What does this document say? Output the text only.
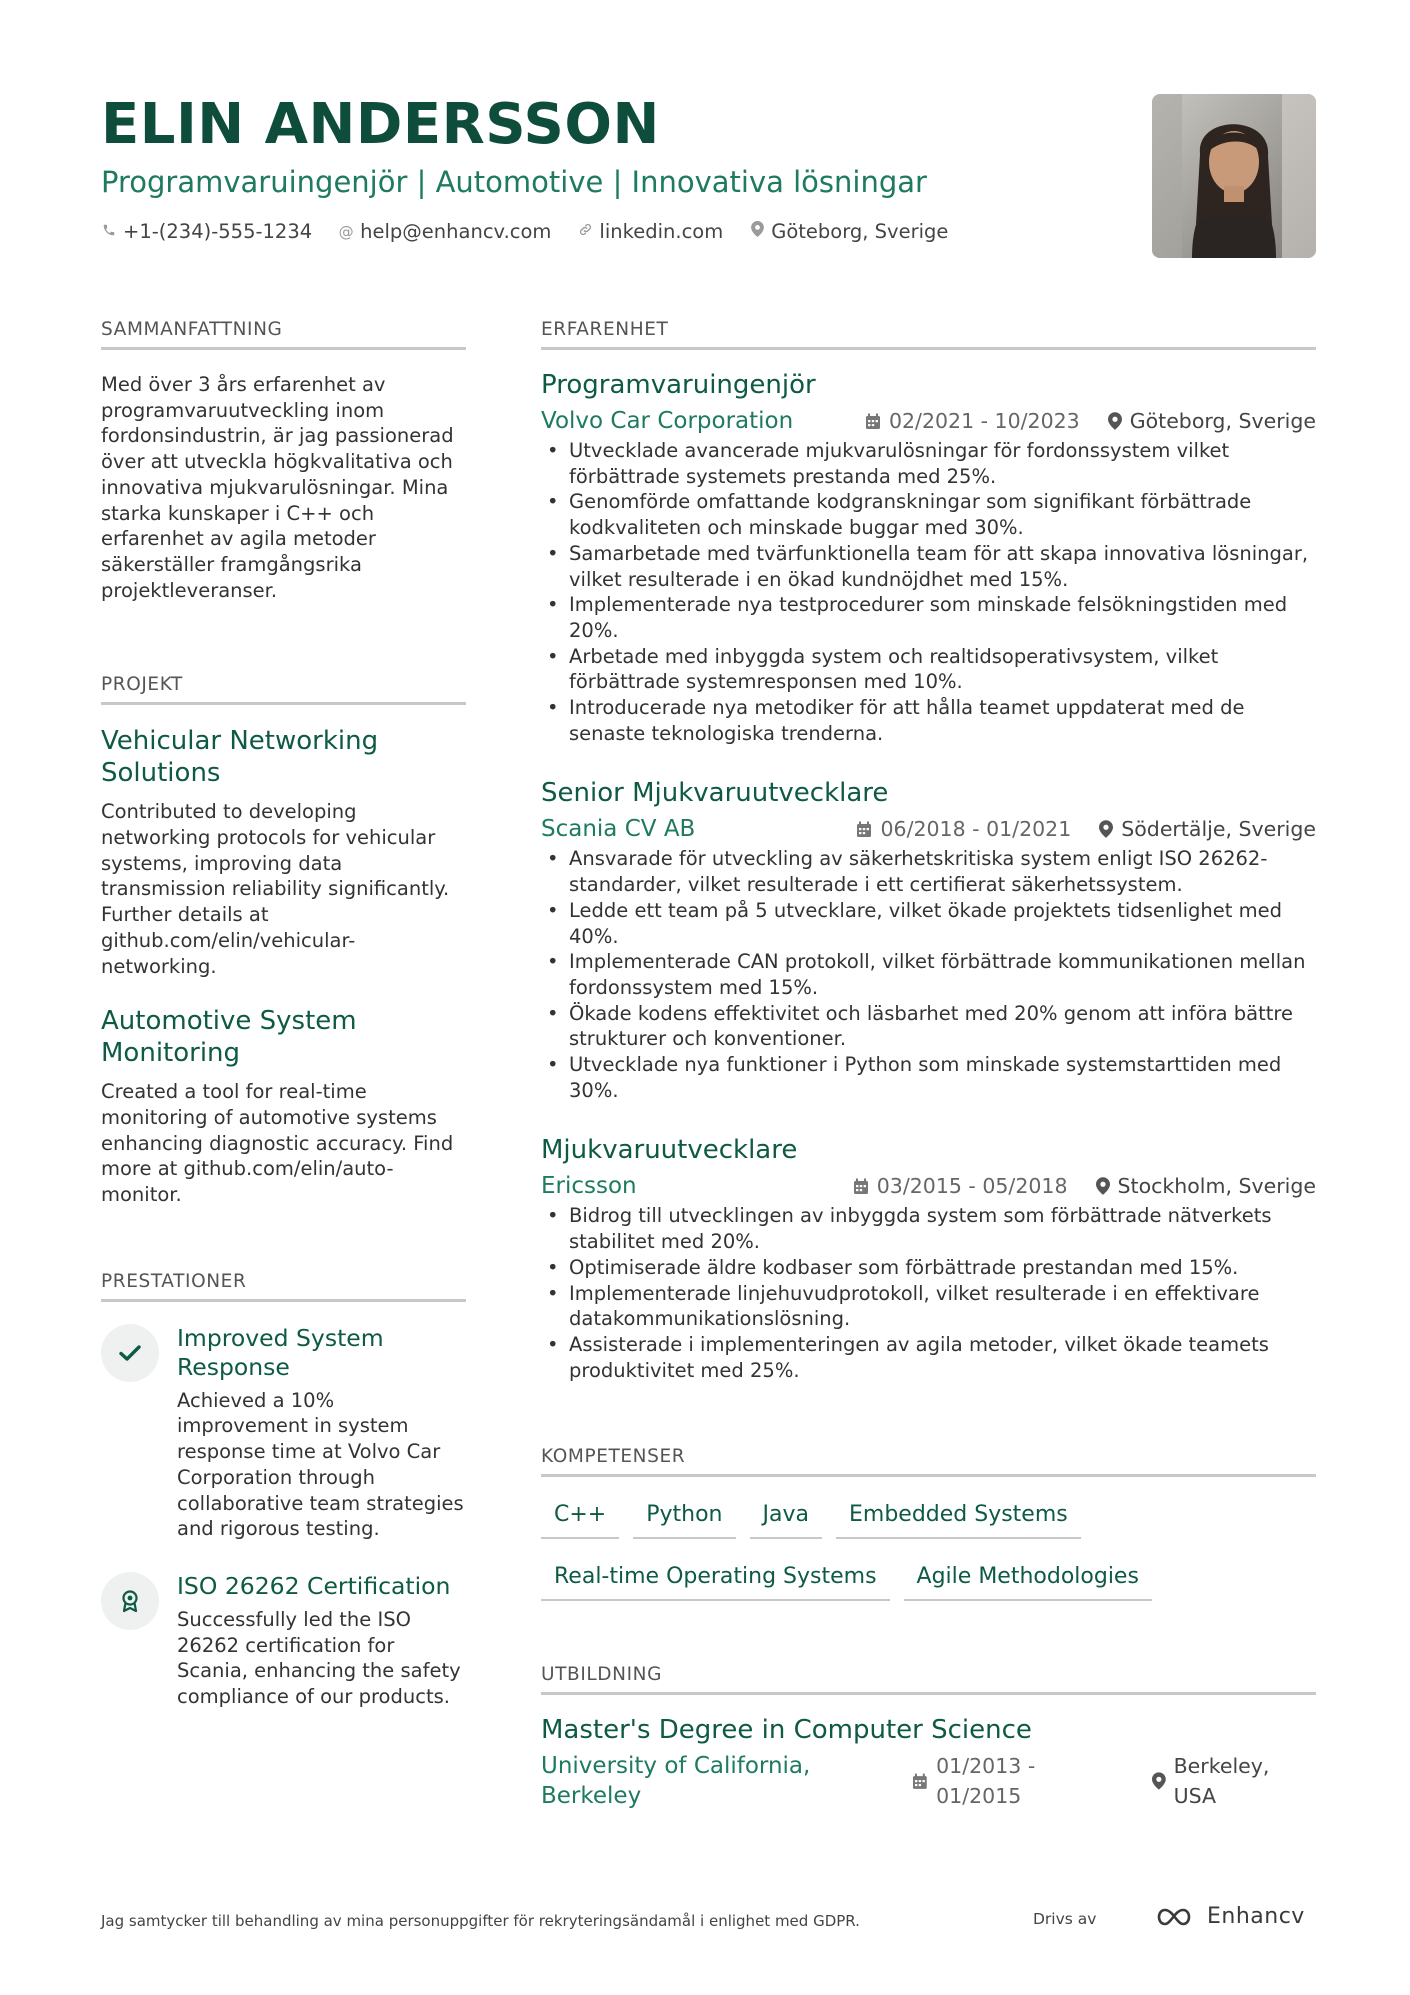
ELIN ANDERSSON
Programvaruingenjör | Automotive | Innovativa lösningar
+1-(234)-555-1234 @ help@enhancv.com linkedin.com Göteborg, Sverige
SAMMANFATTNING

Med över 3 års erfarenhet av programvaruutveckling inom fordonsindustrin, är jag passionerad över att utveckla högkvalitativa och innovativa mjukvarulösningar. Mina starka kunskaper i C++ och erfarenhet av agila metoder säkerställer framgångsrika projektleveranser.

PROJEKT
Vehicular Networking Solutions

Contributed to developing networking protocols for vehicular systems, improving data transmission reliability significantly. Further details at github.com/elin/vehicular-networking.

Automotive System Monitoring

Created a tool for real-time monitoring of automotive systems enhancing diagnostic accuracy. Find more at github.com/elin/auto-monitor.

PRESTATIONER
Improved System Response

Achieved a 10% improvement in system response time at Volvo Car Corporation through collaborative team strategies and rigorous testing.

ISO 26262 Certification

Successfully led the ISO 26262 certification for Scania, enhancing the safety compliance of our products.

ERFARENHET
Programvaruingenjör
Volvo Car Corporation	02/2021 - 10/2023 Göteborg, Sverige
• Utvecklade avancerade mjukvarulösningar för fordonssystem vilket förbättrade systemets prestanda med 25%.
• Genomförde omfattande kodgranskningar som signifikant förbättrade kodkvaliteten och minskade buggar med 30%.
• Samarbetade med tvärfunktionella team för att skapa innovativa lösningar, vilket resulterade i en ökad kundnöjdhet med 15%.
• Implementerade nya testprocedurer som minskade felsökningstiden med 20%.
• Arbetade med inbyggda system och realtidsoperativsystem, vilket förbättrade systemresponsen med 10%.
• Introducerade nya metodiker för att hålla teamet uppdaterat med de senaste teknologiska trenderna.
Senior Mjukvaruutvecklare
Scania CV AB	06/2018 - 01/2021 Södertälje, Sverige
• Ansvarade för utveckling av säkerhetskritiska system enligt ISO 26262-standarder, vilket resulterade i ett certifierat säkerhetssystem.
• Ledde ett team på 5 utvecklare, vilket ökade projektets tidsenlighet med 40%.
• Implementerade CAN protokoll, vilket förbättrade kommunikationen mellan fordonssystem med 15%.
• Ökade kodens effektivitet och läsbarhet med 20% genom att införa bättre strukturer och konventioner.
• Utvecklade nya funktioner i Python som minskade systemstarttiden med 30%.
Mjukvaruutvecklare
Ericsson	03/2015 - 05/2018 Stockholm, Sverige
• Bidrog till utvecklingen av inbyggda system som förbättrade nätverkets stabilitet med 20%.
• Optimiserade äldre kodbaser som förbättrade prestandan med 15%.
• Implementerade linjehuvudprotokoll, vilket resulterade i en effektivare datakommunikationslösning.
• Assisterade i implementeringen av agila metoder, vilket ökade teamets produktivitet med 25%.
KOMPETENSER
C++	Python	Java	Embedded Systems
Real-time Operating Systems	Agile Methodologies
UTBILDNING
Master's Degree in Computer Science
University of California, Berkeley
01/2013 - 01/2015
Berkeley, USA
Jag samtycker till behandling av mina personuppgifter för rekryteringsändamål i enlighet med GDPR.	Drivs av	Enhancv
